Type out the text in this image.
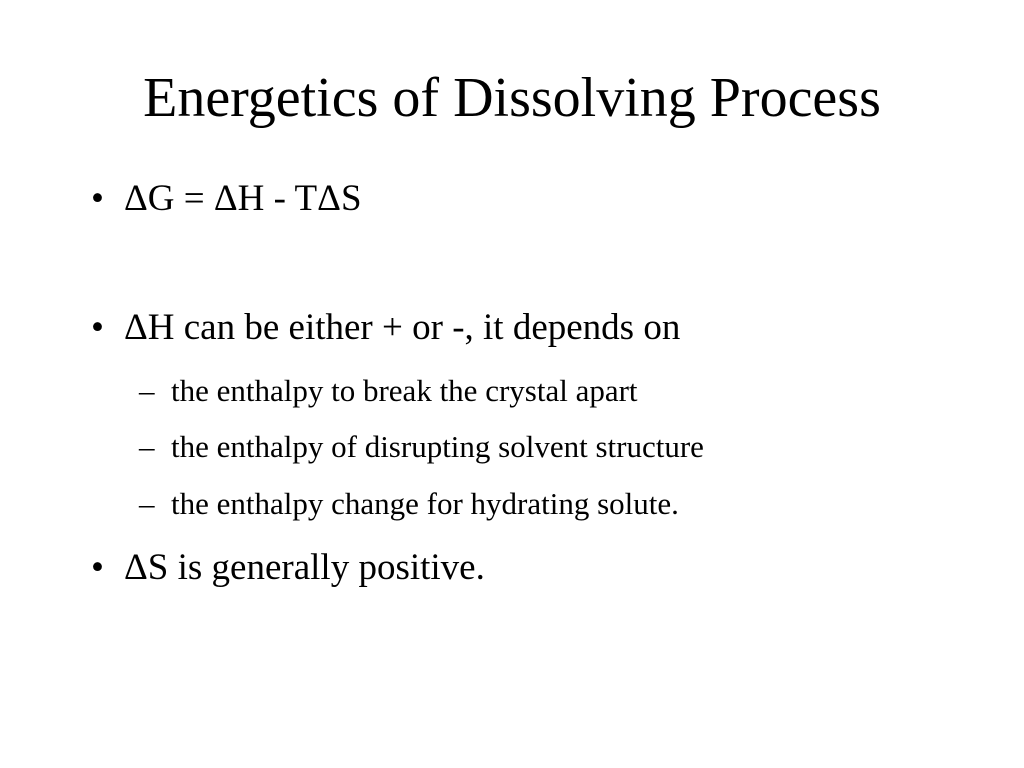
Energetics of Dissolving Process
• ΔG = ΔH - TΔS
• ΔH can be either + or -, it depends on
– the enthalpy to break the crystal apart
– the enthalpy of disrupting solvent structure
– the enthalpy change for hydrating solute.
• ΔS is generally positive.
